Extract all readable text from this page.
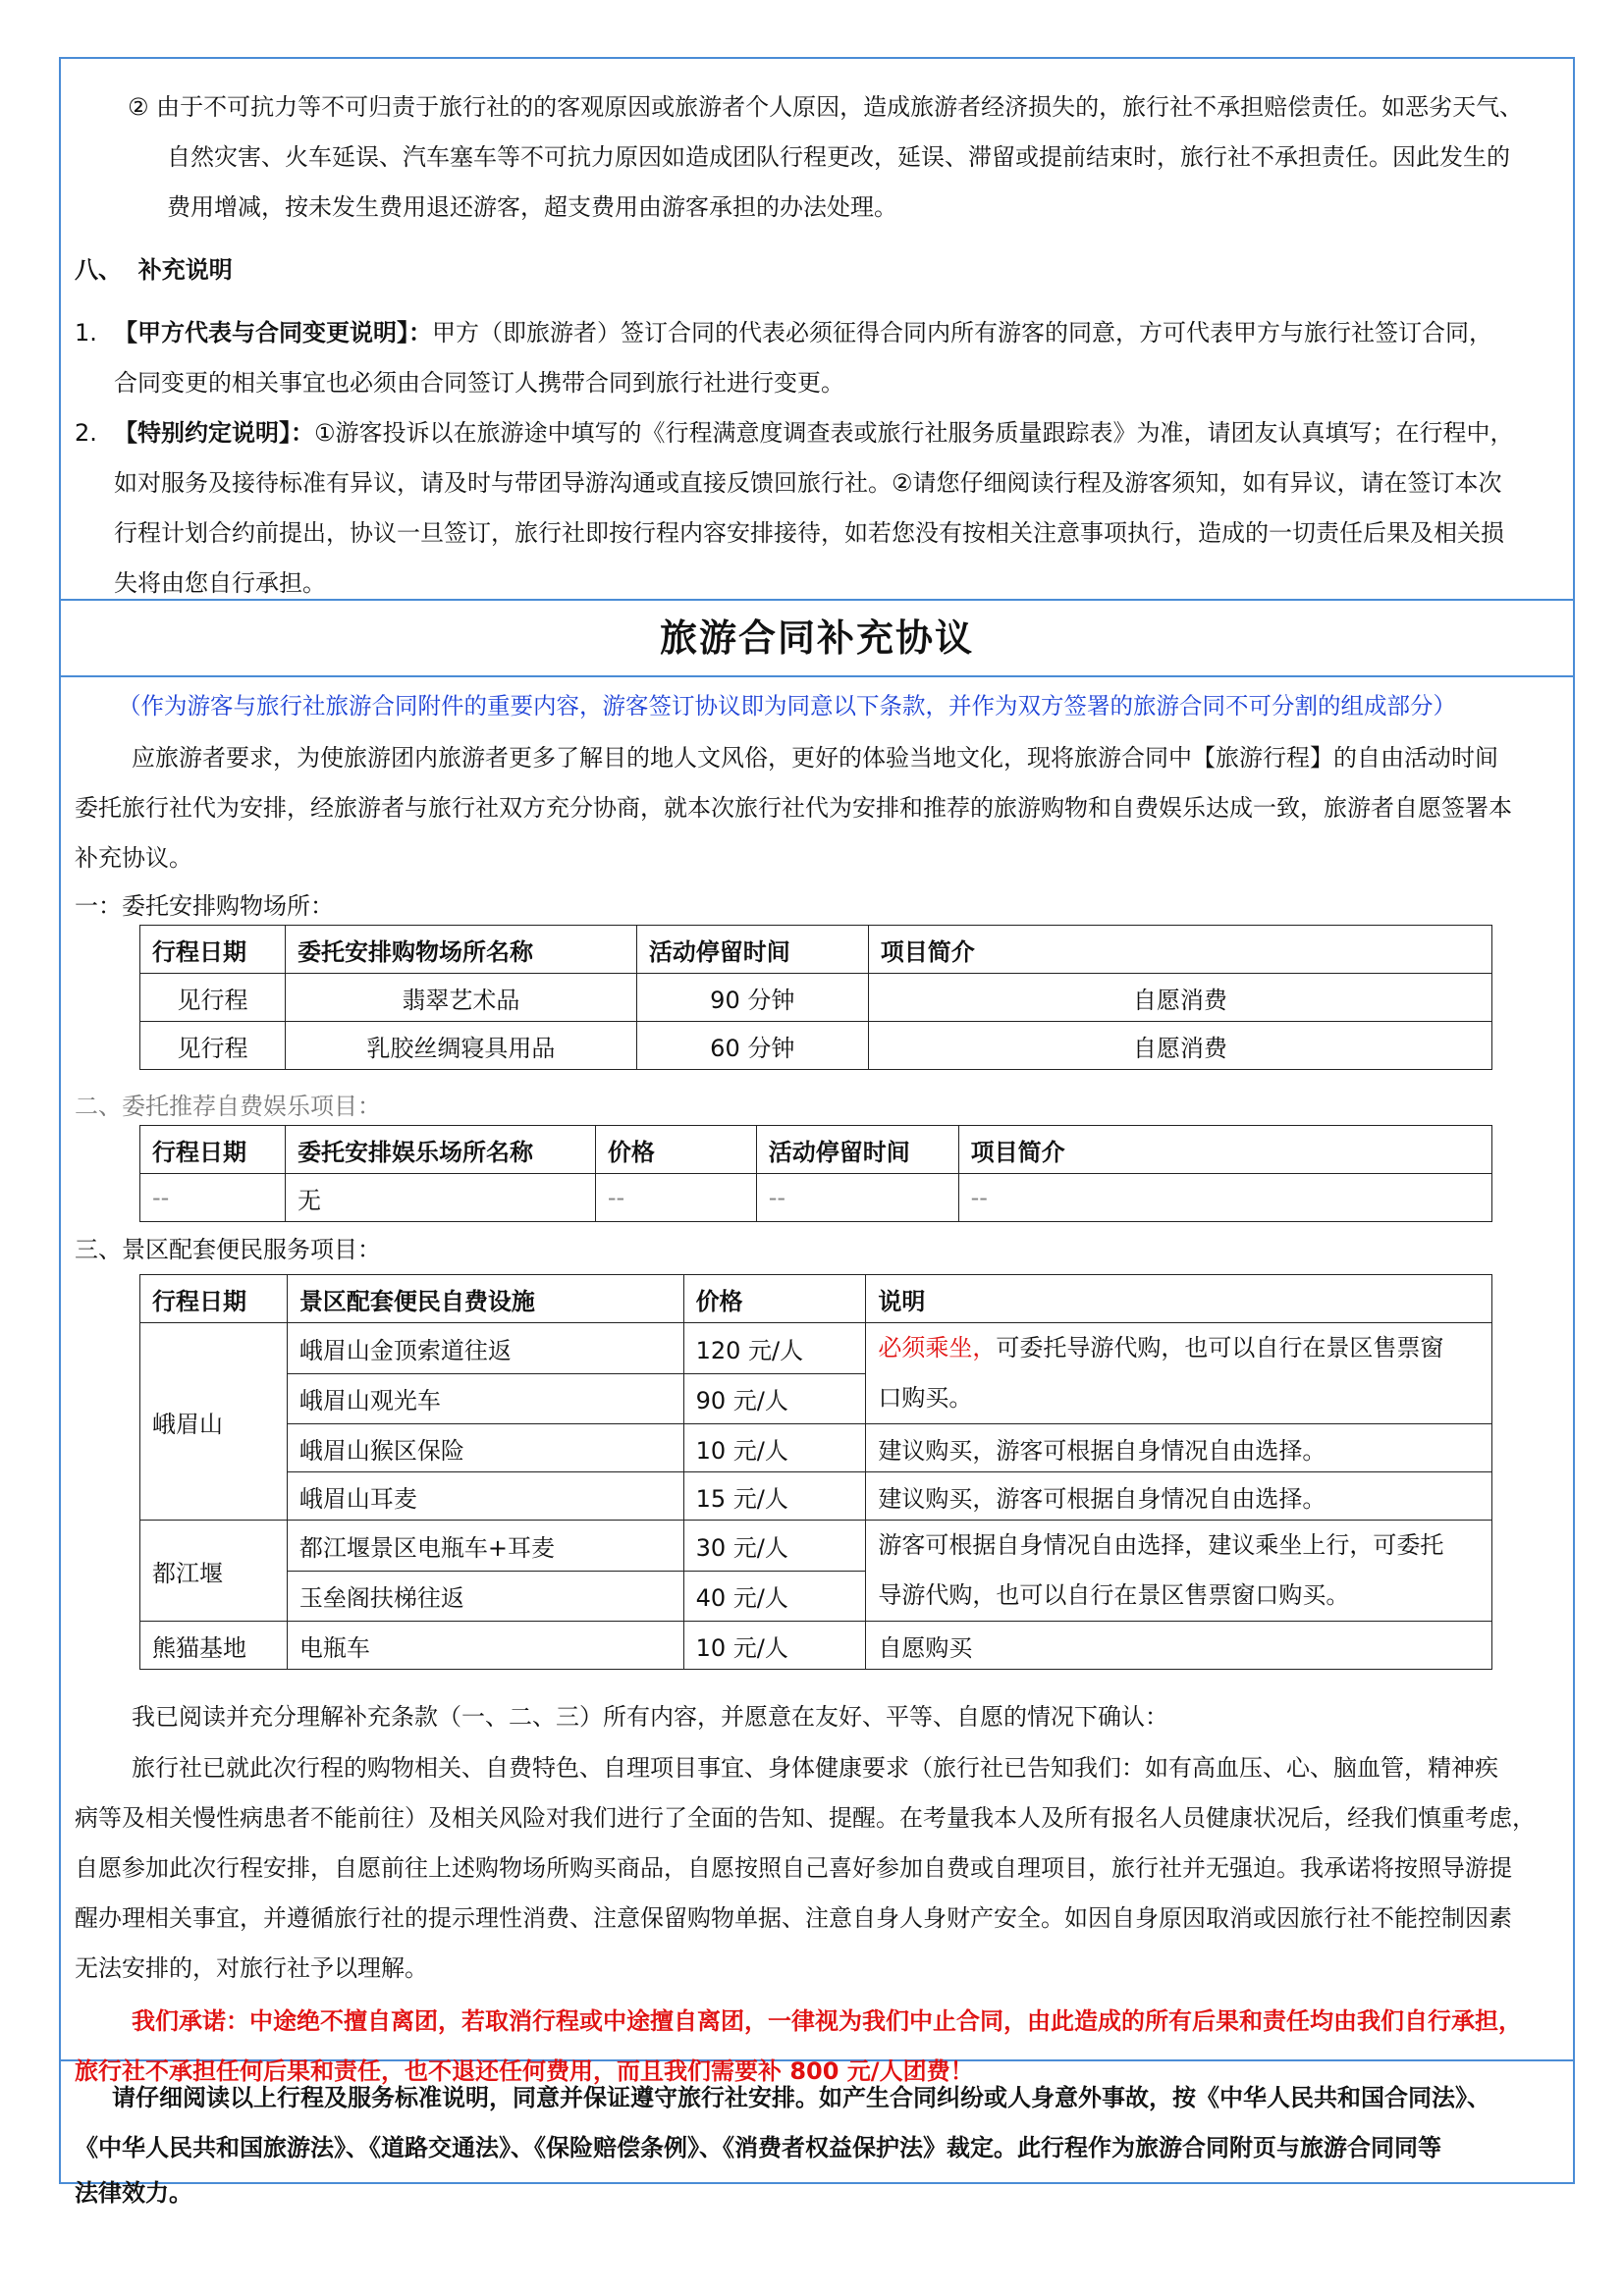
② 由于不可抗力等不可归责于旅行社的的客观原因或旅游者个人原因，造成旅游者经济损失的，旅行社不承担赔偿责任。如恶劣天气、
自然灾害、火车延误、汽车塞车等不可抗力原因如造成团队行程更改，延误、滞留或提前结束时，旅行社不承担责任。因此发生的
费用增减，按未发生费用退还游客，超支费用由游客承担的办法处理。
八、  补充说明
1. 【甲方代表与合同变更说明】：甲方（即旅游者）签订合同的代表必须征得合同内所有游客的同意，方可代表甲方与旅行社签订合同，
合同变更的相关事宜也必须由合同签订人携带合同到旅行社进行变更。
2. 【特别约定说明】：①游客投诉以在旅游途中填写的《行程满意度调查表或旅行社服务质量跟踪表》为准，请团友认真填写；在行程中，
如对服务及接待标准有异议，请及时与带团导游沟通或直接反馈回旅行社。②请您仔细阅读行程及游客须知，如有异议，请在签订本次
行程计划合约前提出，协议一旦签订，旅行社即按行程内容安排接待，如若您没有按相关注意事项执行，造成的一切责任后果及相关损
失将由您自行承担。
旅游合同补充协议
（作为游客与旅行社旅游合同附件的重要内容，游客签订协议即为同意以下条款，并作为双方签署的旅游合同不可分割的组成部分）
应旅游者要求，为使旅游团内旅游者更多了解目的地人文风俗，更好的体验当地文化，现将旅游合同中【旅游行程】的自由活动时间
委托旅行社代为安排，经旅游者与旅行社双方充分协商，就本次旅行社代为安排和推荐的旅游购物和自费娱乐达成一致，旅游者自愿签署本
补充协议。
一：委托安排购物场所：
行程日期	委托安排购物场所名称	活动停留时间	项目简介
见行程	翡翠艺术品	90 分钟	自愿消费
见行程	乳胶丝绸寝具用品	60 分钟	自愿消费
二、委托推荐自费娱乐项目：
行程日期	委托安排娱乐场所名称	价格	活动停留时间	项目简介
--	无	--	--	--
三、景区配套便民服务项目：
行程日期	景区配套便民自费设施	价格	说明
峨眉山	峨眉山金顶索道往返	120 元/人	必须乘坐，可委托导游代购，也可以自行在景区售票窗
口购买。
	峨眉山观光车	90 元/人	
	峨眉山猴区保险	10 元/人	建议购买，游客可根据自身情况自由选择。
	峨眉山耳麦	15 元/人	建议购买，游客可根据自身情况自由选择。
都江堰	都江堰景区电瓶车+耳麦	30 元/人	游客可根据自身情况自由选择，建议乘坐上行，可委托
导游代购，也可以自行在景区售票窗口购买。
	玉垒阁扶梯往返	40 元/人	
熊猫基地	电瓶车	10 元/人	自愿购买
我已阅读并充分理解补充条款（一、二、三）所有内容，并愿意在友好、平等、自愿的情况下确认：
旅行社已就此次行程的购物相关、自费特色、自理项目事宜、身体健康要求（旅行社已告知我们：如有高血压、心、脑血管，精神疾
病等及相关慢性病患者不能前往）及相关风险对我们进行了全面的告知、提醒。在考量我本人及所有报名人员健康状况后，经我们慎重考虑，
自愿参加此次行程安排，自愿前往上述购物场所购买商品，自愿按照自己喜好参加自费或自理项目，旅行社并无强迫。我承诺将按照导游提
醒办理相关事宜，并遵循旅行社的提示理性消费、注意保留购物单据、注意自身人身财产安全。如因自身原因取消或因旅行社不能控制因素
无法安排的，对旅行社予以理解。
我们承诺：中途绝不擅自离团，若取消行程或中途擅自离团，一律视为我们中止合同，由此造成的所有后果和责任均由我们自行承担，
旅行社不承担任何后果和责任，也不退还任何费用，而且我们需要补 800 元/人团费！
请仔细阅读以上行程及服务标准说明，同意并保证遵守旅行社安排。如产生合同纠纷或人身意外事故，按《中华人民共和国合同法》、
《中华人民共和国旅游法》、《道路交通法》、《保险赔偿条例》、《消费者权益保护法》裁定。此行程作为旅游合同附页与旅游合同同等
法律效力。
